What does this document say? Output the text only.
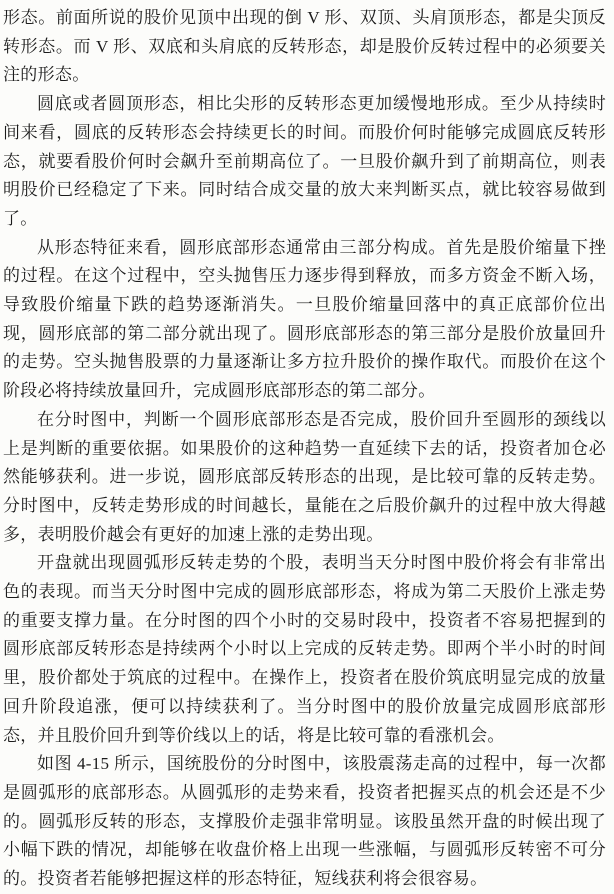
形态。前面所说的股价见顶中出现的倒 V 形、双顶、头肩顶形态，都是尖顶反转形态。而 V 形、双底和头肩底的反转形态，却是股价反转过程中的必须要关注的形态。

圆底或者圆顶形态，相比尖形的反转形态更加缓慢地形成。至少从持续时间来看，圆底的反转形态会持续更长的时间。而股价何时能够完成圆底反转形态，就要看股价何时会飙升至前期高位了。一旦股价飙升到了前期高位，则表明股价已经稳定了下来。同时结合成交量的放大来判断买点，就比较容易做到了。

从形态特征来看，圆形底部形态通常由三部分构成。首先是股价缩量下挫的过程。在这个过程中，空头抛售压力逐步得到释放，而多方资金不断入场，导致股价缩量下跌的趋势逐渐消失。一旦股价缩量回落中的真正底部价位出现，圆形底部的第二部分就出现了。圆形底部形态的第三部分是股价放量回升的走势。空头抛售股票的力量逐渐让多方拉升股价的操作取代。而股价在这个阶段必将持续放量回升，完成圆形底部形态的第二部分。

在分时图中，判断一个圆形底部形态是否完成，股价回升至圆形的颈线以上是判断的重要依据。如果股价的这种趋势一直延续下去的话，投资者加仓必然能够获利。进一步说，圆形底部反转形态的出现，是比较可靠的反转走势。分时图中，反转走势形成的时间越长，量能在之后股价飙升的过程中放大得越多，表明股价越会有更好的加速上涨的走势出现。

开盘就出现圆弧形反转走势的个股，表明当天分时图中股价将会有非常出色的表现。而当天分时图中完成的圆形底部形态，将成为第二天股价上涨走势的重要支撑力量。在分时图的四个小时的交易时段中，投资者不容易把握到的圆形底部反转形态是持续两个小时以上完成的反转走势。即两个半小时的时间里，股价都处于筑底的过程中。在操作上，投资者在股价筑底明显完成的放量回升阶段追涨，便可以持续获利了。当分时图中的股价放量完成圆形底部形态，并且股价回升到等价线以上的话，将是比较可靠的看涨机会。

如图 4-15 所示，国统股份的分时图中，该股震荡走高的过程中，每一次都是圆弧形的底部形态。从圆弧形的走势来看，投资者把握买点的机会还是不少的。圆弧形反转的形态，支撑股价走强非常明显。该股虽然开盘的时候出现了小幅下跌的情况，却能够在收盘价格上出现一些涨幅，与圆弧形反转密不可分的。投资者若能够把握这样的形态特征，短线获利将会很容易。
